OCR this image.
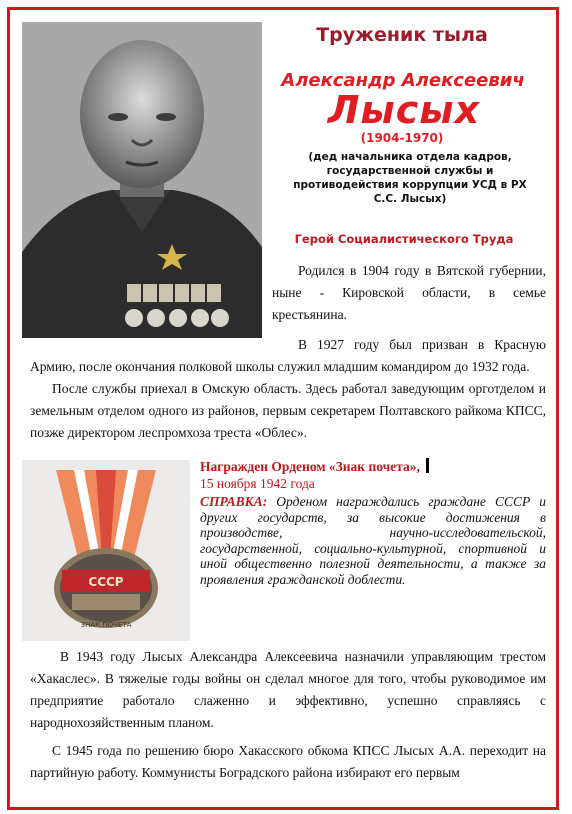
Труженик тыла
Александр Алексеевич
Лысых
(1904-1970)
(дед начальника отдела кадров, государственной службы и противодействия коррупции УСД в РХ С.С. Лысых)
Герой Социалистического Труда

Родился в 1904 году в Вятской губернии, ныне - Кировской области, в семье крестьянина.

В 1927 году был призван в Красную Армию, после окончания полковой школы служил младшим командиром до 1932 года.

После службы приехал в Омскую область. Здесь работал заведующим орготделом и земельным отделом одного из районов, первым секретарем Полтавского райкома КПСС, позже директором леспромхоза треста «Облес».

СССР
ЗНАК ПОЧЕТА
Награжден Орденом «Знак почета»,
15 ноября 1942 года

СПРАВКА: Орденом награждались граждане СССР и других государств, за высокие достижения в производстве, научно-исследовательской, государственной, социально-культурной, спортивной и иной общественно полезной деятельности, а также за проявления гражданской доблести.

В 1943 году Лысых Александра Алексеевича назначили управляющим трестом «Хакаслес». В тяжелые годы войны он сделал многое для того, чтобы руководимое им предприятие работало слаженно и эффективно, успешно справляясь с народнохозяйственным планом.

С 1945 года по решению бюро Хакасского обкома КПСС Лысых А.А. переходит на партийную работу. Коммунисты Боградского района избирают его первым
